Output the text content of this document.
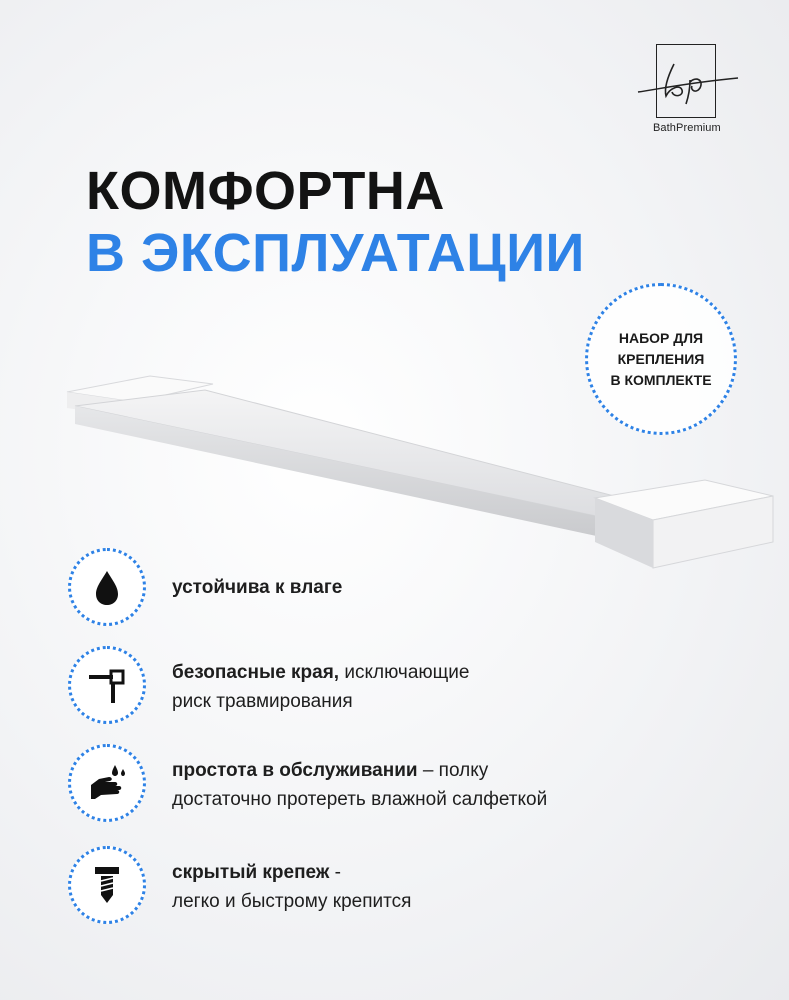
BathPremium
КОМФОРТНА
В ЭКСПЛУАТАЦИИ
НАБОР ДЛЯ
КРЕПЛЕНИЯ
В КОМПЛЕКТЕ
устойчива к влаге
безопасные края, исключающие
риск травмирования
простота в обслуживании – полку
достаточно протереть влажной салфеткой
скрытый крепеж -
легко и быстрому крепится
